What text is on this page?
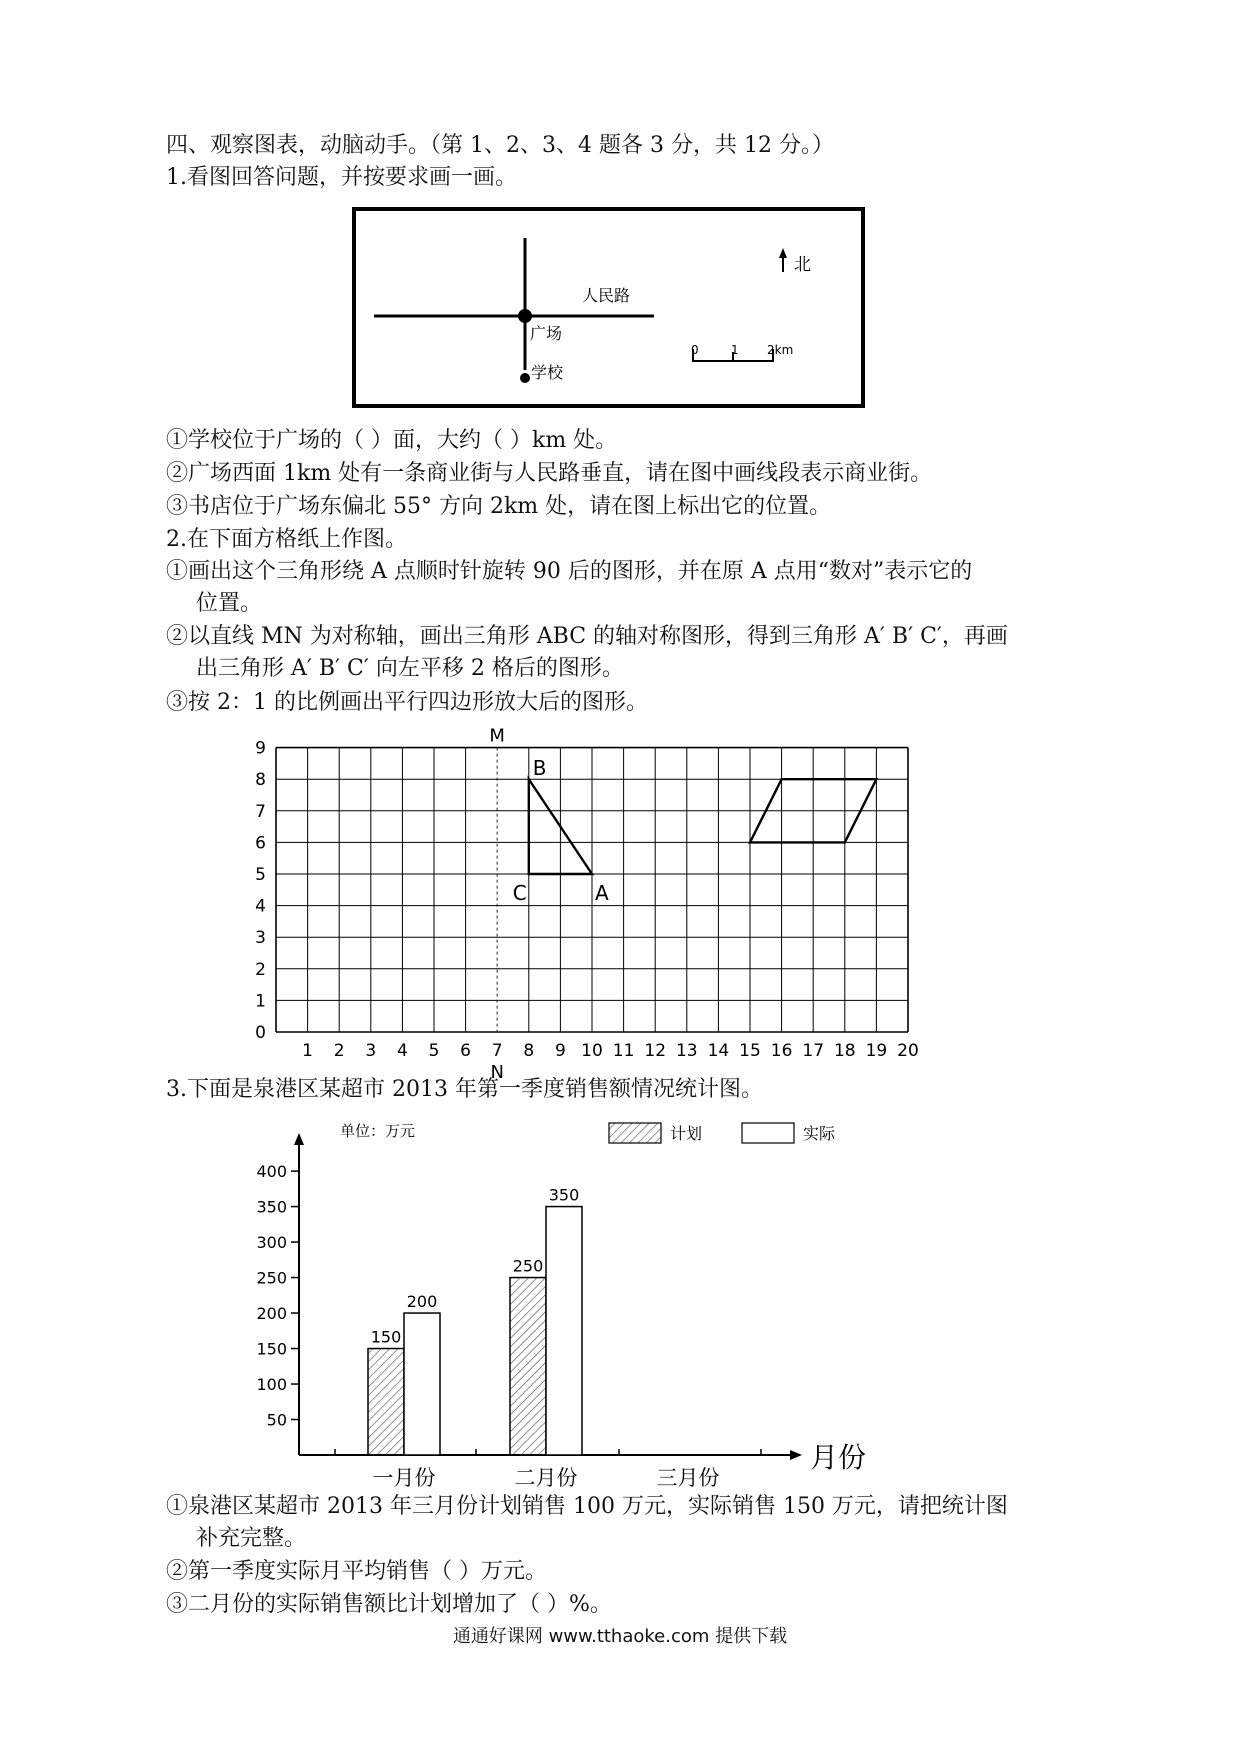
四、观察图表，动脑动手。（第 1、2、3、4 题各 3 分，共 12 分。）
1.看图回答问题，并按要求画一画。
人民路
广场
学校
北
0	1 2km
①学校位于广场的（ ）面，大约（ ）km 处。
②广场西面 1km 处有一条商业街与人民路垂直，请在图中画线段表示商业街。
③书店位于广场东偏北 55° 方向 2km 处，请在图上标出它的位置。
2.在下面方格纸上作图。
①画出这个三角形绕 A 点顺时针旋转 90 后的图形，并在原 A 点用“数对”表示它的
位置。
②以直线 MN 为对称轴，画出三角形 ABC 的轴对称图形，得到三角形 A′ B′ C′，再画
出三角形 A′ B′ C′ 向左平移 2 格后的图形。
③按 2：1 的比例画出平行四边形放大后的图形。
1 2 3 4 5 6 7 8 9 10 11 12 13 14 15 16 17 18 19 20
0
1
2
3
4
5
6
7
8
9
M
N
B
C	A
3.下面是泉港区某超市 2013 年第一季度销售额情况统计图。
50
100
150
200
250
300
350
400
150
200
一月份
250
350
二月份	三月份
月份
单位：万元	计划	实际
①泉港区某超市 2013 年三月份计划销售 100 万元，实际销售 150 万元，请把统计图
补充完整。
②第一季度实际月平均销售（ ）万元。
③二月份的实际销售额比计划增加了（ ）%。
通通好课网 www.tthaoke.com 提供下载
